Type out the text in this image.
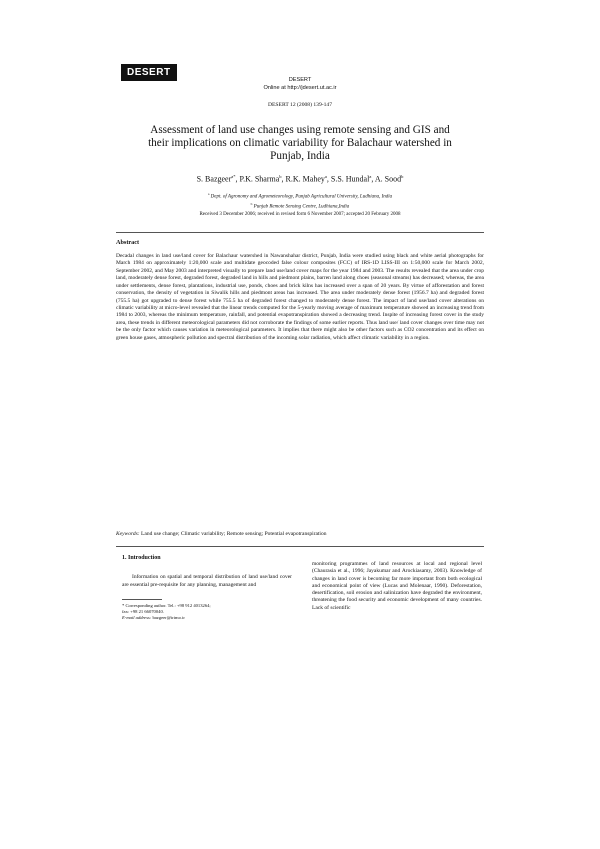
DESERT
DESERT
Online at http://jdesert.ut.ac.ir
DESERT 12 (2008) 139-147
Assessment of land use changes using remote sensing and GIS and their implications on climatic variability for Balachaur watershed in Punjab, India
S. Bazgeer$^{a*}$, P.K. Sharma$^b$, R.K. Mahey$^a$, S.S. Hundal$^a$, A. Sood$^b$
$^a$ Dept. of Agronomy and Agrometeorology, Punjab Agricultural University, Ludhiana, India
$^b$ Punjab Remote Sensing Centre, Ludhiana,India
Received 3 December 2006; received in revised form 6 November 2007; accepted 20 February 2008
Abstract

Decadal changes in land use/land cover for Balachaur watershed in Nawanshahar district, Punjab, India were studied using black and white aerial photographs for March 1984 on approximately 1:20,000 scale and multidate geocoded false colour composites (FCC) of IRS-1D LISS-III on 1:50,000 scale for March 2002, September 2002, and May 2003 and interpreted visually to prepare land use/land cover maps for the year 1984 and 2003. The results revealed that the area under crop land, moderately dense forest, degraded forest, degraded land in hills and piedmont plains, barren land along choes (seasonal streams) has decreased; whereas, the area under settlements, dense forest, plantations, industrial use, ponds, choes and brick kilns has increased over a span of 20 years. By virtue of afforestation and forest conservation, the density of vegetation in Siwalik hills and piedmont areas has increased. The area under moderately dense forest (1956.7 ha) and degraded forest (755.5 ha) got upgraded to dense forest while 755.5 ha of degraded forest changed to moderately dense forest. The impact of land use/land cover alterations on climatic variability at micro-level revealed that the linear trends computed for the 5-yearly moving average of maximum temperature showed an increasing trend from 1984 to 2003, whereas the minimum temperature, rainfall, and potential evapotranspiration showed a decreasing trend. Inspite of increasing forest cover in the study area, these trends in different meteorological parameters did not corroborate the findings of some earlier reports. Thus land use/ land cover changes over time may not be the only factor which causes variation in meteorological parameters. It implies that there might also be other factors such as CO2 concentration and its effect on green house gases, atmospheric pollution and spectral distribution of the incoming solar radiation, which affect climatic variability in a region.

Keywords: Land use change; Climatic variability; Remote sensing; Potential evapotranspiration
1. Introduction

Information on spatial and temporal distribution of land use/land cover are essential pre-requisite for any planning, management and

* Corresponding author. Tel.: +98 912 4013264;
fax: +98 21 66070040.
E-mail address: bazgeer@irimo.ir

monitoring programmes of land resources at local and regional level (Chaurasia et al., 1996; Jayakumar and Arockiasamy, 2003). Knowledge of changes in land cover is becoming far more important from both ecological and economical point of view (Lucas and Molenaar, 1990). Deforestation, desertification, soil erosion and salinization have degraded the environment, threatening the food security and economic development of many countries. Lack of scientific
